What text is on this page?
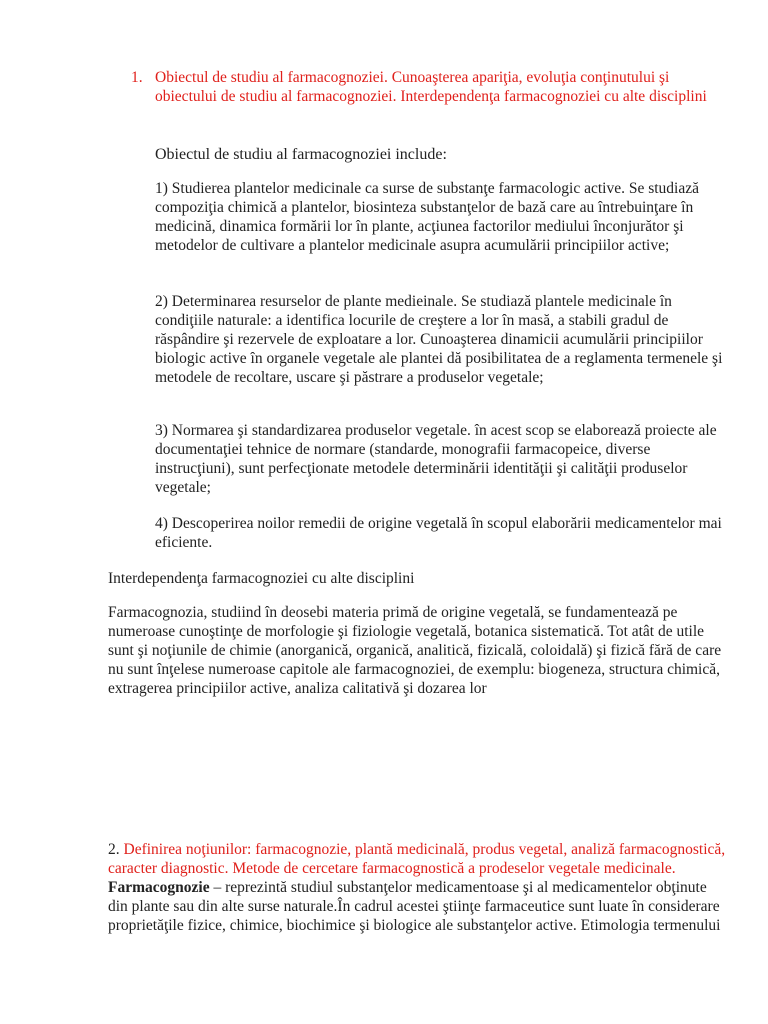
1. Obiectul de studiu al farmacognoziei. Cunoaşterea apariţia, evoluţia conţinutului şi obiectului de studiu al farmacognoziei. Interdependenţa farmacognoziei cu alte disciplini
Obiectul de studiu al farmacognoziei include:
1) Studierea plantelor medicinale ca surse de substanţe farmacologic active. Se studiază compoziţia chimică a plantelor, biosinteza substanţelor de bază care au întrebuinţare în medicină, dinamica formării lor în plante, acţiunea factorilor mediului înconjurător şi metodelor de cultivare a plantelor medicinale asupra acumulării principiilor active;
2) Determinarea resurselor de plante medieinale. Se studiază plantele medicinale în condiţiile naturale: a identifica locurile de creştere a lor în masă, a stabili gradul de răspândire şi rezervele de exploatare a lor. Cunoaşterea dinamicii acumulării principiilor biologic active în organele vegetale ale plantei dă posibilitatea de a reglamenta termenele şi metodele de recoltare, uscare şi păstrare a produselor vegetale;
3) Normarea şi standardizarea produselor vegetale. în acest scop se elaborează proiecte ale documentaţiei tehnice de normare (standarde, monografii farmacopeice, diverse instrucţiuni), sunt perfecţionate metodele determinării identităţii şi calităţii produselor vegetale;
4) Descoperirea noilor remedii de origine vegetală în scopul elaborării medicamentelor mai eficiente.
Interdependenţa farmacognoziei cu alte disciplini
Farmacognozia, studiind în deosebi materia primă de origine vegetală, se fundamentează pe numeroase cunoştinţe de morfologie şi fiziologie vegetală, botanica sistematică. Tot atât de utile sunt şi noţiunile de chimie (anorganică, organică, analitică, fizicală, coloidală) şi fizică fără de care nu sunt înţelese numeroase capitole ale farmacognoziei, de exemplu: biogeneza, structura chimică, extragerea principiilor active, analiza calitativă şi dozarea lor
2. Definirea noţiunilor: farmacognozie, plantă medicinală, produs vegetal, analiză farmacognostică, caracter diagnostic. Metode de cercetare farmacognostică a prodeselor vegetale medicinale. Farmacognozie – reprezintă studiul substanţelor medicamentoase şi al medicamentelor obţinute din plante sau din alte surse naturale.În cadrul acestei ştiinţe farmaceutice sunt luate în considerare proprietăţile fizice, chimice, biochimice şi biologice ale substanţelor active. Etimologia termenului
